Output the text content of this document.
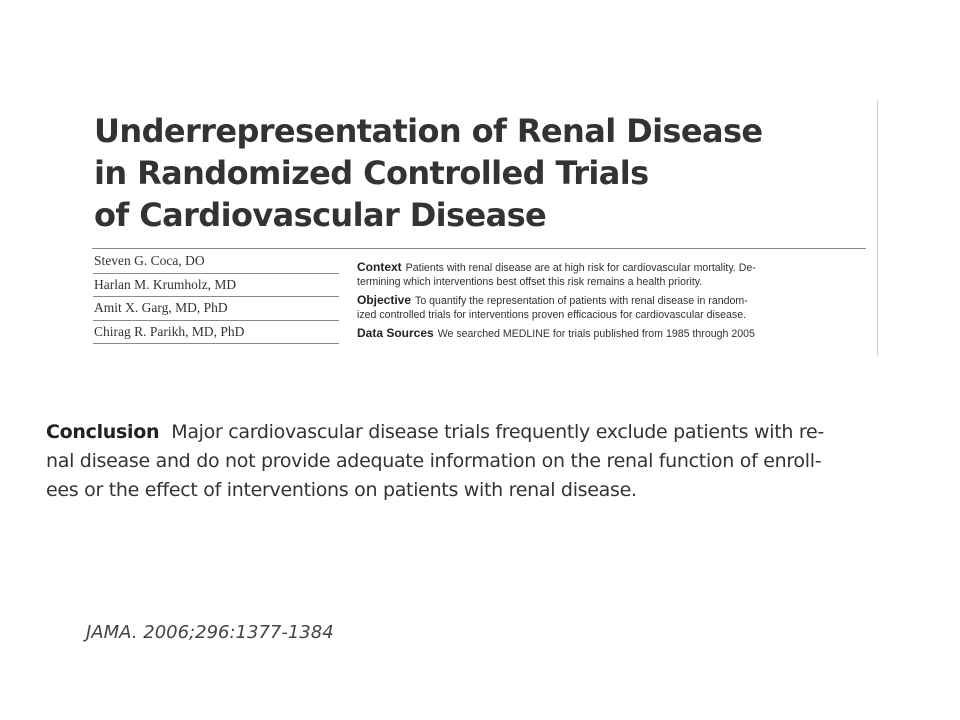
Underrepresentation of Renal Disease
in Randomized Controlled Trials
of Cardiovascular Disease
Steven G. Coca, DO
Harlan M. Krumholz, MD
Amit X. Garg, MD, PhD
Chirag R. Parikh, MD, PhD
Context Patients with renal disease are at high risk for cardiovascular mortality. De-
termining which interventions best offset this risk remains a health priority.
Objective To quantify the representation of patients with renal disease in random-
ized controlled trials for interventions proven efficacious for cardiovascular disease.
Data Sources We searched MEDLINE for trials published from 1985 through 2005
Conclusion Major cardiovascular disease trials frequently exclude patients with re-
nal disease and do not provide adequate information on the renal function of enroll-
ees or the effect of interventions on patients with renal disease.
JAMA. 2006;296:1377-1384
